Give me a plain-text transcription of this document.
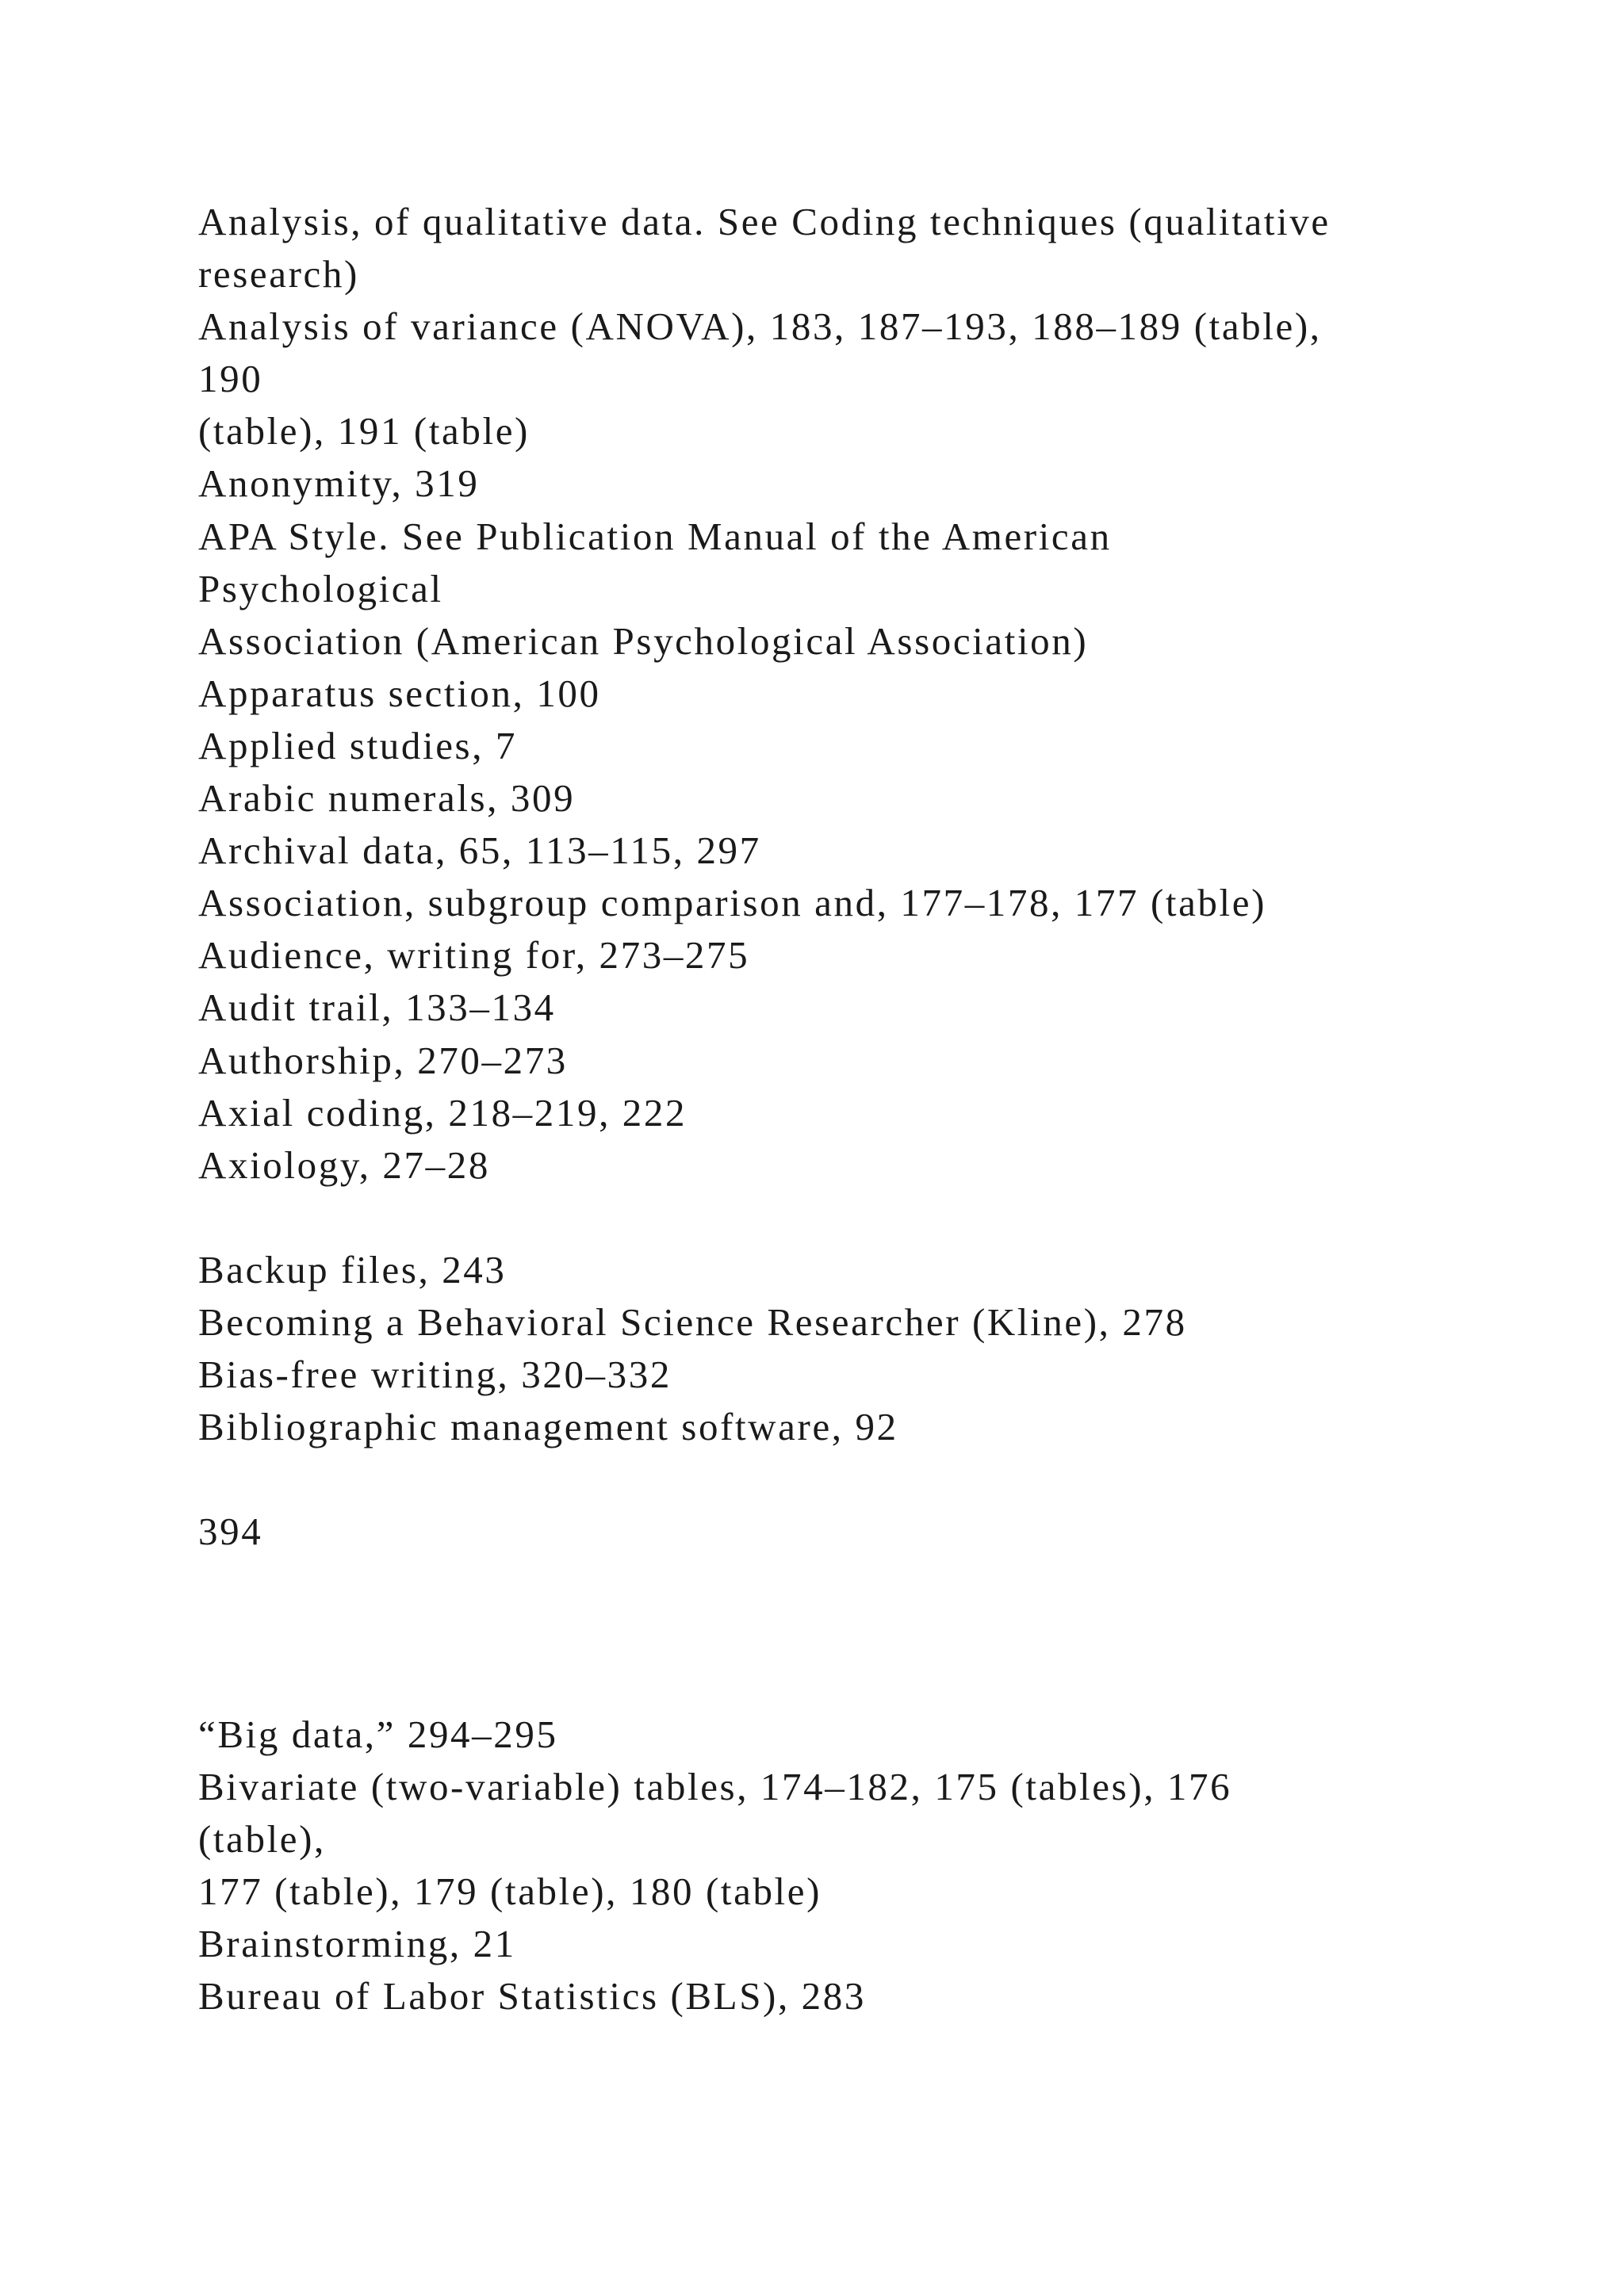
Analysis, of qualitative data. See Coding techniques (qualitative
research)
Analysis of variance (ANOVA), 183, 187–193, 188–189 (table),
190
(table), 191 (table)
Anonymity, 319
APA Style. See Publication Manual of the American
Psychological
Association (American Psychological Association)
Apparatus section, 100
Applied studies, 7
Arabic numerals, 309
Archival data, 65, 113–115, 297
Association, subgroup comparison and, 177–178, 177 (table)
Audience, writing for, 273–275
Audit trail, 133–134
Authorship, 270–273
Axial coding, 218–219, 222
Axiology, 27–28
Backup files, 243
Becoming a Behavioral Science Researcher (Kline), 278
Bias-free writing, 320–332
Bibliographic management software, 92
394
“Big data,” 294–295
Bivariate (two-variable) tables, 174–182, 175 (tables), 176
(table),
177 (table), 179 (table), 180 (table)
Brainstorming, 21
Bureau of Labor Statistics (BLS), 283
